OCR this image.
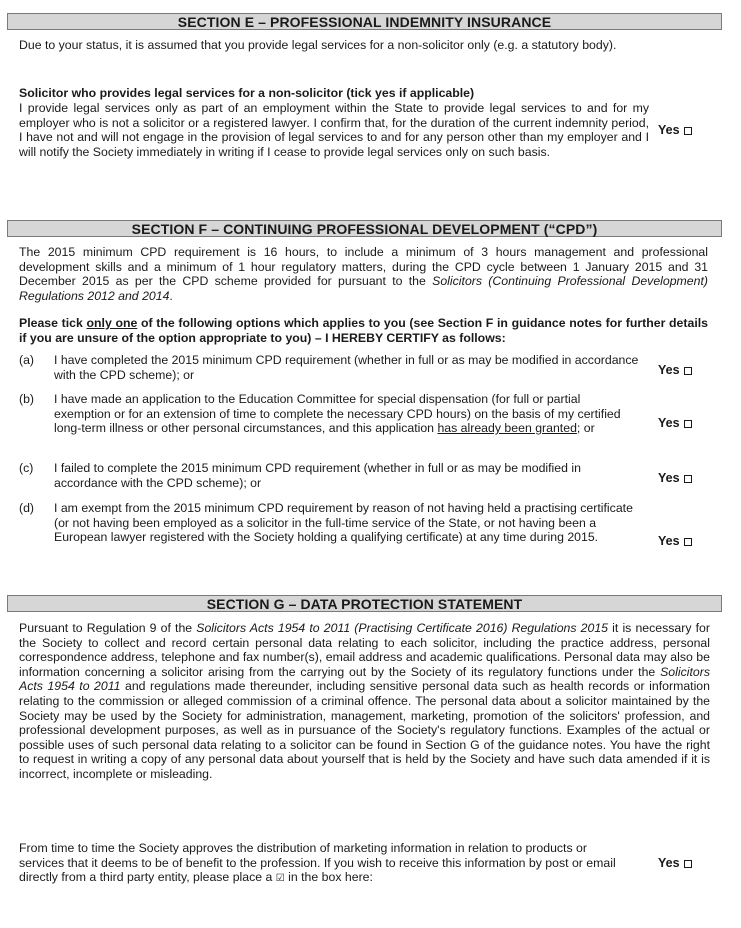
SECTION E – PROFESSIONAL INDEMNITY INSURANCE
Due to your status, it is assumed that you provide legal services for a non-solicitor only (e.g. a statutory body).
Solicitor who provides legal services for a non-solicitor (tick yes if applicable)
I provide legal services only as part of an employment within the State to provide legal services to and for my employer who is not a solicitor or a registered lawyer. I confirm that, for the duration of the current indemnity period, I have not and will not engage in the provision of legal services to and for any person other than my employer and I will notify the Society immediately in writing if I cease to provide legal services only on such basis.
Yes
SECTION F – CONTINUING PROFESSIONAL DEVELOPMENT (“CPD”)
The 2015 minimum CPD requirement is 16 hours, to include a minimum of 3 hours management and professional development skills and a minimum of 1 hour regulatory matters, during the CPD cycle between 1 January 2015 and 31 December 2015 as per the CPD scheme provided for pursuant to the Solicitors (Continuing Professional Development) Regulations 2012 and 2014.
Please tick only one of the following options which applies to you (see Section F in guidance notes for further details if you are unsure of the option appropriate to you) – I HEREBY CERTIFY as follows:
(a)	I have completed the 2015 minimum CPD requirement (whether in full or as may be modified in accordance with the CPD scheme); or	Yes
(b)	I have made an application to the Education Committee for special dispensation (for full or partial exemption or for an extension of time to complete the necessary CPD hours) on the basis of my certified long-term illness or other personal circumstances, and this application has already been granted; or	Yes
(c)	I failed to complete the 2015 minimum CPD requirement (whether in full or as may be modified in accordance with the CPD scheme); or	Yes
(d)	I am exempt from the 2015 minimum CPD requirement by reason of not having held a practising certificate (or not having been employed as a solicitor in the full-time service of the State, or not having been a European lawyer registered with the Society holding a qualifying certificate) at any time during 2015.	Yes
SECTION G – DATA PROTECTION STATEMENT
Pursuant to Regulation 9 of the Solicitors Acts 1954 to 2011 (Practising Certificate 2016) Regulations 2015 it is necessary for the Society to collect and record certain personal data relating to each solicitor, including the practice address, personal correspondence address, telephone and fax number(s), email address and academic qualifications. Personal data may also be information concerning a solicitor arising from the carrying out by the Society of its regulatory functions under the Solicitors Acts 1954 to 2011 and regulations made thereunder, including sensitive personal data such as health records or information relating to the commission or alleged commission of a criminal offence. The personal data about a solicitor maintained by the Society may be used by the Society for administration, management, marketing, promotion of the solicitors' profession, and professional development purposes, as well as in pursuance of the Society's regulatory functions. Examples of the actual or possible uses of such personal data relating to a solicitor can be found in Section G of the guidance notes. You have the right to request in writing a copy of any personal data about yourself that is held by the Society and have such data amended if it is incorrect, incomplete or misleading.
From time to time the Society approves the distribution of marketing information in relation to products or services that it deems to be of benefit to the profession. If you wish to receive this information by post or email directly from a third party entity, please place a ☑ in the box here:
Yes
